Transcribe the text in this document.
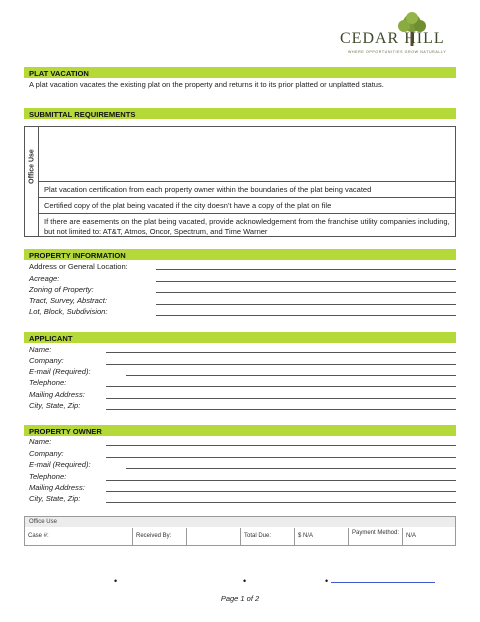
CEDAR HILL
WHERE OPPORTUNITIES GROW NATURALLY
PLAT VACATION
A plat vacation vacates the existing plat on the property and returns it to its prior platted or unplatted status.
SUBMITTAL REQUIREMENTS
Office Use
Plat vacation certification from each property owner within the boundaries of the plat being vacated
Certified copy of the plat being vacated if the city doesn’t have a copy of the plat on file
If there are easements on the plat being vacated, provide acknowledgement from the franchise utility companies including, but not limited to: AT&T, Atmos, Oncor, Spectrum, and Time Warner
PROPERTY INFORMATION
Address or General Location:
Acreage:
Zoning of Property:
Tract, Survey, Abstract:
Lot, Block, Subdivision:
APPLICANT
Name:
Company:
E-mail (Required):
Telephone:
Mailing Address:
City, State, Zip:
PROPERTY OWNER
Name:
Company:
E-mail (Required):
Telephone:
Mailing Address:
City, State, Zip:
Office Use
Case #:	Received By:	Total Due:	$ N/A	Payment Method:	N/A
•	•	•
Page 1 of 2
